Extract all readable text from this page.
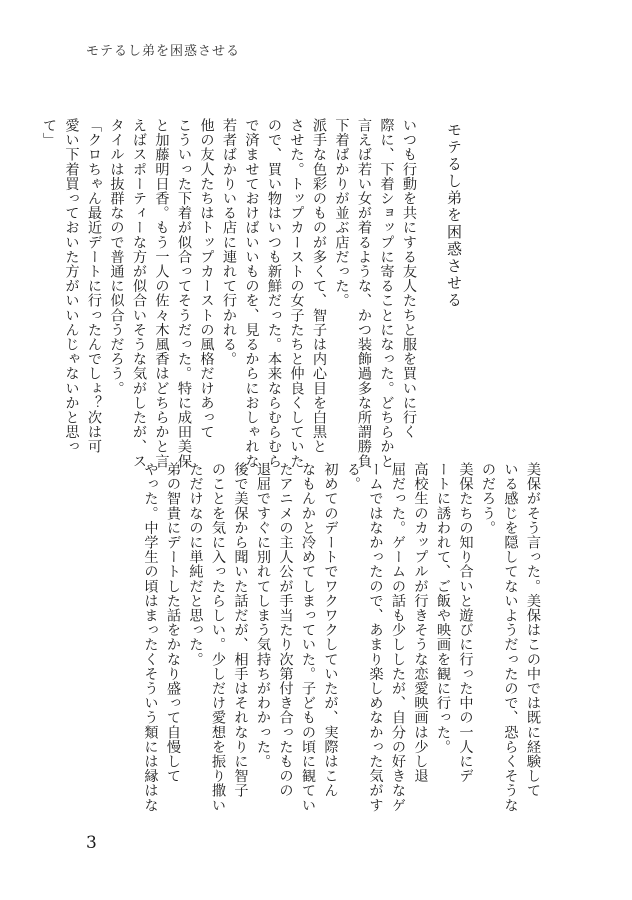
モテるし弟を困惑させる
モテるし弟を困惑させる
いつも行動を共にする友人たちと服を買いに行く
際に、下着ショップに寄ることになった。どちらかと
言えば若い女が着るような、かつ装飾過多な所謂勝負
下着ばかりが並ぶ店だった。
派手な色彩のものが多くて、智子は内心目を白黒と
させた。トップカーストの女子たちと仲良くしていた
ので、買い物はいつも新鮮だった。本来ならむらむら
で済ませておけばいいものを、見るからにおしゃれな
若者ばかりいる店に連れて行かれる。
他の友人たちはトップカーストの風格だけあって
こういった下着が似合ってそうだった。特に成田美保
と加藤明日香。もう一人の佐々木風香はどちらかと言
えばスポーティーな方が似合いそうな気がしたが、ス
タイルは抜群なので普通に似合うだろう。
「クロちゃん最近デートに行ったんでしょ？次は可
愛い下着買っておいた方がいいんじゃないかと思っ
て」
美保がそう言った。美保はこの中では既に経験して
いる感じを隠してないようだったので、恐らくそうな
のだろう。
美保たちの知り合いと遊びに行った中の一人にデ
ートに誘われて、ご飯や映画を観に行った。
高校生のカップルが行きそうな恋愛映画は少し退
屈だった。ゲームの話も少ししたが、自分の好きなゲ
ームではなかったので、あまり楽しめなかった気がす
る。
初めてのデートでワクワクしていたが、実際はこん
なもんかと冷めてしまっていた。子どもの頃に観てい
たアニメの主人公が手当たり次第付き合ったものの
退屈ですぐに別れてしまう気持ちがわかった。
後で美保から聞いた話だが、相手はそれなりに智子
のことを気に入ったらしい。少しだけ愛想を振り撒い
ただけなのに単純だと思った。
弟の智貴にデートした話をかなり盛って自慢して
やった。中学生の頃はまったくそういう類には縁はな
3
